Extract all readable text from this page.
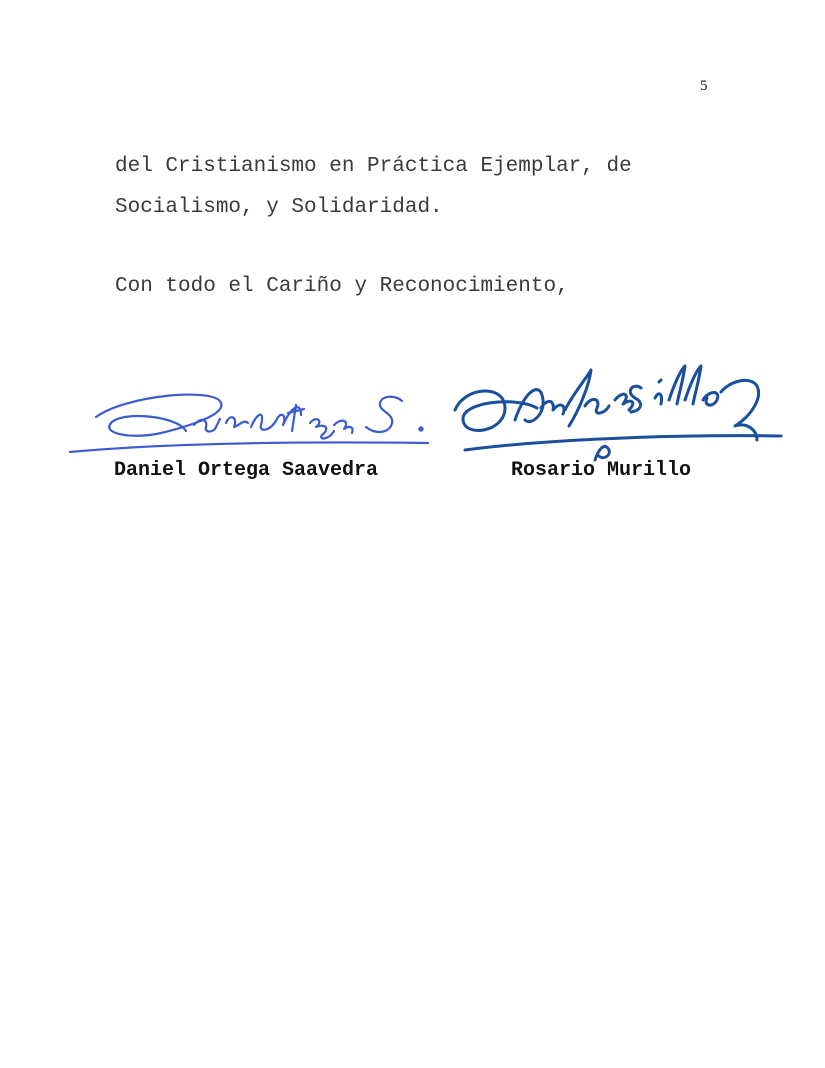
5

del Cristianismo en Práctica Ejemplar, de
Socialismo, y Solidaridad.

Con todo el Cariño y Reconocimiento,

Daniel Ortega Saavedra	Rosario Murillo
